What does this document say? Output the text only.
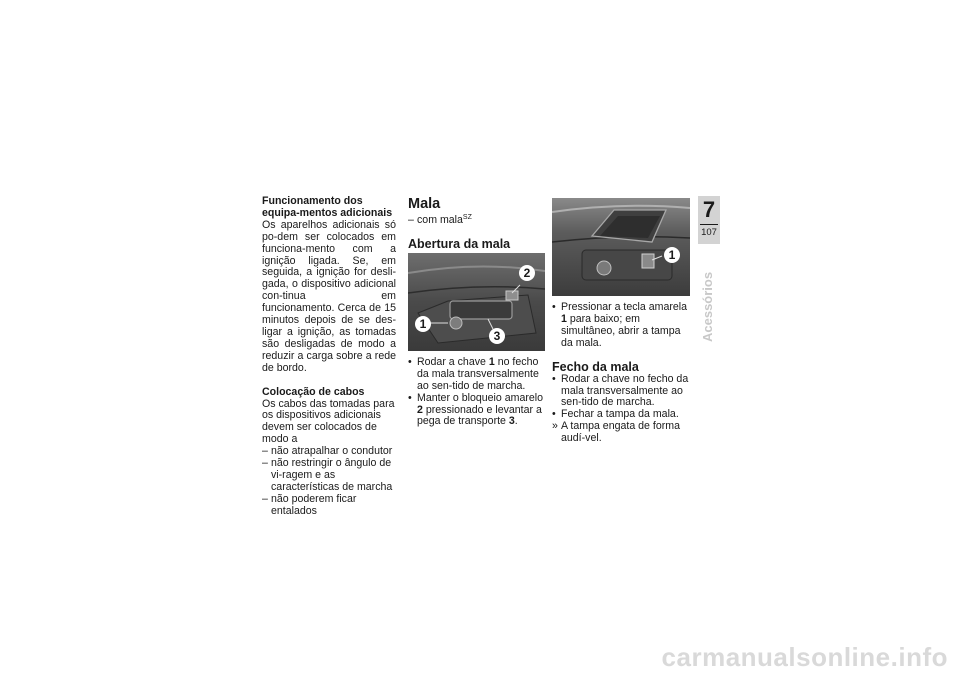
Funcionamento dos equipa-mentos adicionais

Os aparelhos adicionais só po-dem ser colocados em funciona-mento com a ignição ligada. Se, em seguida, a ignição for desli-gada, o dispositivo adicional con-tinua em funcionamento. Cerca de 15 minutos depois de se des-ligar a ignição, as tomadas são desligadas de modo a reduzir a carga sobre a rede de bordo.

Colocação de cabos

Os cabos das tomadas para os dispositivos adicionais devem ser colocados de modo a

– não atrapalhar o condutor
– não restringir o ângulo de vi-ragem e as características de marcha
– não poderem ficar entalados
Mala
– com mala$^{SZ}$
Abertura da mala
2
1
3
• Rodar a chave 1 no fecho da mala transversalmente ao sen-tido de marcha.
• Manter o bloqueio amarelo 2 pressionado e levantar a pega de transporte 3.
1
• Pressionar a tecla amarela 1 para baixo; em simultâneo, abrir a tampa da mala.
Fecho da mala
• Rodar a chave no fecho da mala transversalmente ao sen-tido de marcha.
• Fechar a tampa da mala.
» A tampa engata de forma audí-vel.
7
107
Acessórios
carmanualsonline.info
